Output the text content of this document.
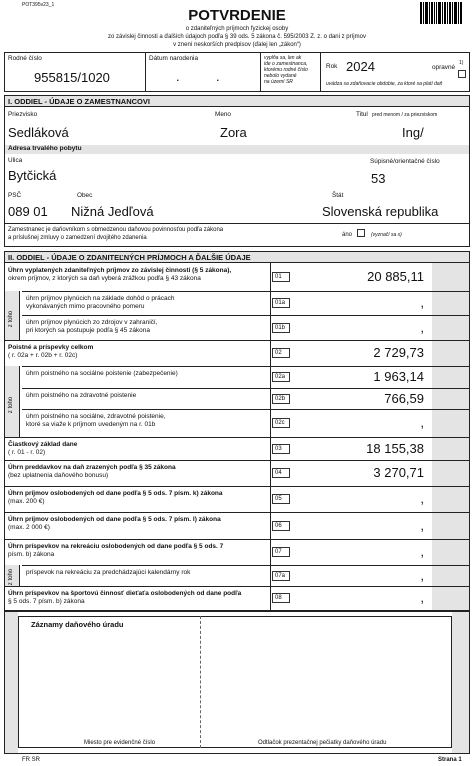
POT395v23_1
POTVRDENIE
o zdaniteľných príjmoch fyzickej osoby
zo závislej činnosti a ďalších údajoch podľa § 39 ods. 5 zákona č. 595/2003 Z. z. o dani z príjmov
v znení neskorších predpisov (ďalej len „zákon“)
Rodné číslo
955815/1020
Dátum narodenia
.	.
vyplňa sa, len ak
ide o zamestnanca,
ktorému rodné číslo
nebolo vydané
na území SR
Rok 2024	opravné
1)
uvádza sa zdaňovacie obdobie, za ktoré sa platí daň
I. ODDIEL - ÚDAJE O ZAMESTNANCOVI
Priezvisko
Sedláková
Meno
Zora
Titul pred menom / za priezviskom
Ing/
Adresa trvalého pobytu
Ulica
Bytčická
Súpisné/orientačné číslo
53
PSČ
089 01
Obec
Nižná Jedľová
Štát
Slovenská republika
Zamestnanec je daňovníkom s obmedzenou daňovou povinnosťou podľa zákona
a príslušnej zmluvy o zamedzení dvojitého zdanenia	áno	(vyznačí sa x)
II. ODDIEL - ÚDAJE O ZDANITEĽNÝCH PRÍJMOCH A ĎALŠIE ÚDAJE
Úhrn vyplatených zdaniteľných príjmov zo závislej činnosti (§ 5 zákona),
okrem príjmov, z ktorých sa daň vyberá zrážkou podľa § 43 zákona	01	20 885,11
úhrn príjmov plynúcich na základe dohôd o prácach
vykonávaných mimo pracovného pomeru	01a	,
úhrn príjmov plynúcich zo zdrojov v zahraničí,
pri ktorých sa postupuje podľa § 45 zákona	01b	,
Poistné a príspevky celkom
( r. 02a + r. 02b + r. 02c)	02	2 729,73
úhrn poistného na sociálne poistenie (zabezpečenie)	02a	1 963,14
úhrn poistného na zdravotné poistenie	02b	766,59
úhrn poistného na sociálne, zdravotné poistenie,
ktoré sa viaže k príjmom uvedeným na r. 01b	02c	,
Čiastkový základ dane
( r. 01 - r. 02)	03	18 155,38
Úhrn preddavkov na daň zrazených podľa § 35 zákona
(bez uplatnenia daňového bonusu)	04	3 270,71
Úhrn príjmov oslobodených od dane podľa § 5 ods. 7 písm. k) zákona
(max. 200 €)	05	,
Úhrn príjmov oslobodených od dane podľa § 5 ods. 7 písm. l) zákona
(max. 2 000 €)	06	,
Úhrn príspevkov na rekreáciu oslobodených od dane podľa § 5 ods. 7
písm. b) zákona	07	,
príspevok na rekreáciu za predchádzajúci kalendárny rok	07a	,
Úhrn príspevkov na športovú činnosť dieťaťa oslobodených od dane podľa
§ 5 ods. 7 písm. b) zákona	08	,
z toho
z toho
z toho
Záznamy daňového úradu
Miesto pre evidenčné číslo	Odtlačok prezentačnej pečiatky daňového úradu
FR SR	Strana 1
